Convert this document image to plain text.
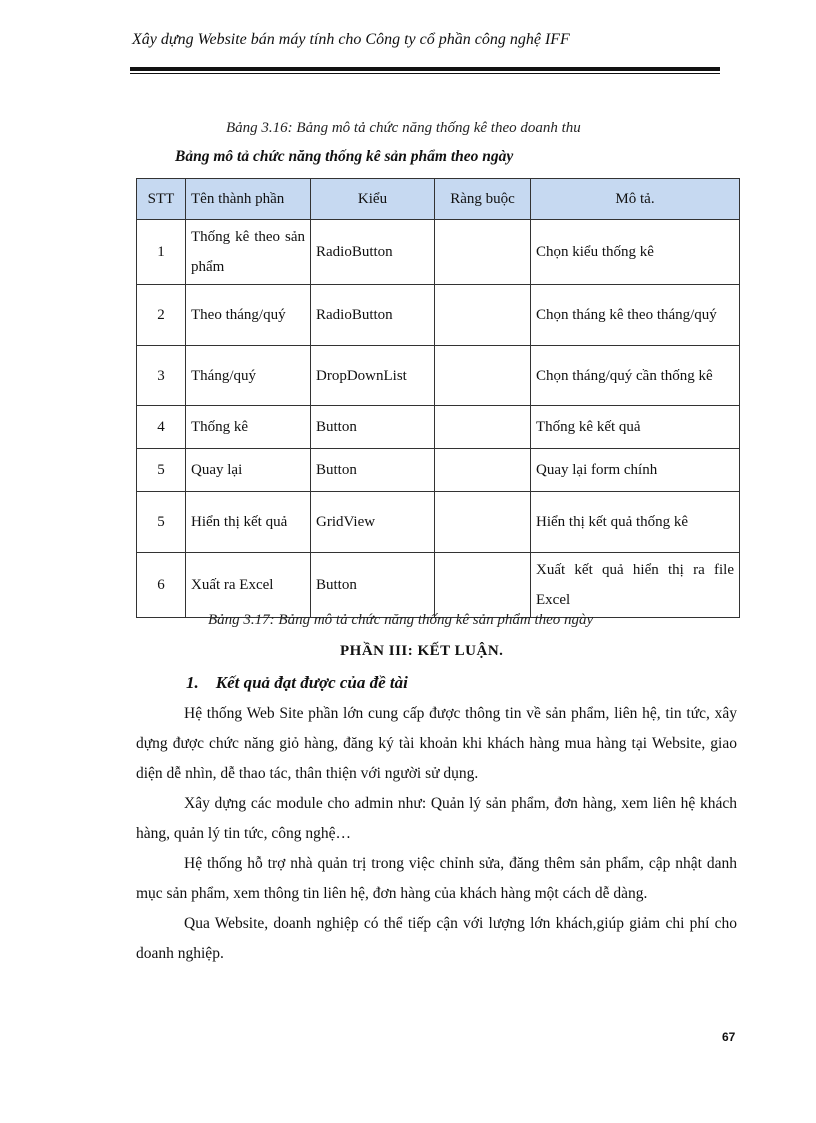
Xây dựng Website bán máy tính cho Công ty cổ phần công nghệ IFF
Bảng 3.16: Bảng mô tả chức năng thống kê theo doanh thu
Bảng mô tả chức năng thống kê sản phẩm theo ngày
STT	Tên thành phần	Kiểu	Ràng buộc	Mô tả.
1	Thống kê theo sản phẩm	RadioButton		Chọn kiểu thống kê
2	Theo tháng/quý	RadioButton		Chọn tháng kê theo tháng/quý
3	Tháng/quý	DropDownList		Chọn tháng/quý cần thống kê
4	Thống kê	Button		Thống kê kết quả
5	Quay lại	Button		Quay lại form chính
5	Hiển thị kết quả	GridView		Hiển thị kết quả thống kê
6	Xuất ra Excel	Button		Xuất kết quả hiển thị ra file Excel
Bảng 3.17: Bảng mô tả chức năng thống kê sản phẩm theo ngày
PHẦN III: KẾT LUẬN.
1.    Kết quả đạt được của đề tài

Hệ thống Web Site phần lớn cung cấp được thông tin về sản phẩm, liên hệ, tin tức, xây dựng được chức năng giỏ hàng, đăng ký tài khoản khi khách hàng mua hàng tại Website, giao diện dễ nhìn, dễ thao tác, thân thiện với người sử dụng.

Xây dựng các module cho admin như: Quản lý sản phẩm, đơn hàng, xem liên hệ khách hàng, quản lý tin tức, công nghệ…

Hệ thống hỗ trợ nhà quản trị trong việc chỉnh sửa, đăng thêm sản phẩm, cập nhật danh mục sản phẩm, xem thông tin liên hệ, đơn hàng của khách hàng một cách dễ dàng.

Qua Website, doanh nghiệp có thể tiếp cận với lượng lớn khách,giúp giảm chi phí cho doanh nghiệp.

67
